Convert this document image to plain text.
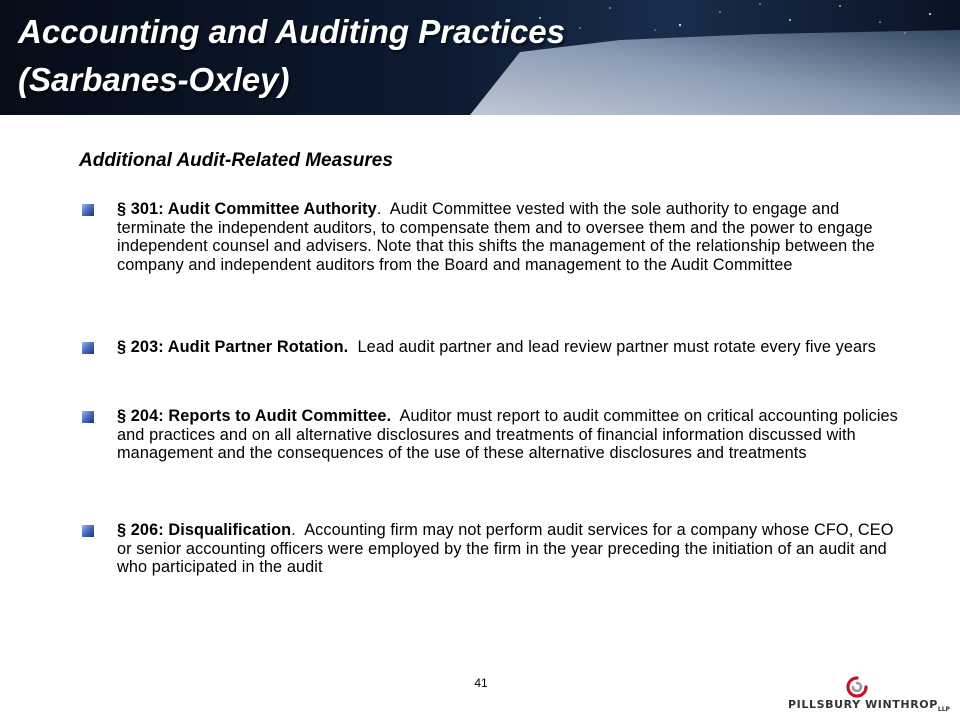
Accounting and Auditing Practices
(Sarbanes-Oxley)
Additional Audit-Related Measures

§ 301: Audit Committee Authority.  Audit Committee vested with the sole authority to engage and terminate the independent auditors, to compensate them and to oversee them and the power to engage independent counsel and advisers. Note that this shifts the management of the relationship between the company and independent auditors from the Board and management to the Audit Committee

§ 203: Audit Partner Rotation. Lead audit partner and lead review partner must rotate every five years

§ 204: Reports to Audit Committee. Auditor must report to audit committee on critical accounting policies and practices and on all alternative disclosures and treatments of financial information discussed with management and the consequences of the use of these alternative disclosures and treatments

§ 206: Disqualification.  Accounting firm may not perform audit services for a company whose CFO, CEO or senior accounting officers were employed by the firm in the year preceding the initiation of an audit and who participated in the audit

41
PILLSBURY $WINTHROP_{LLP}$
